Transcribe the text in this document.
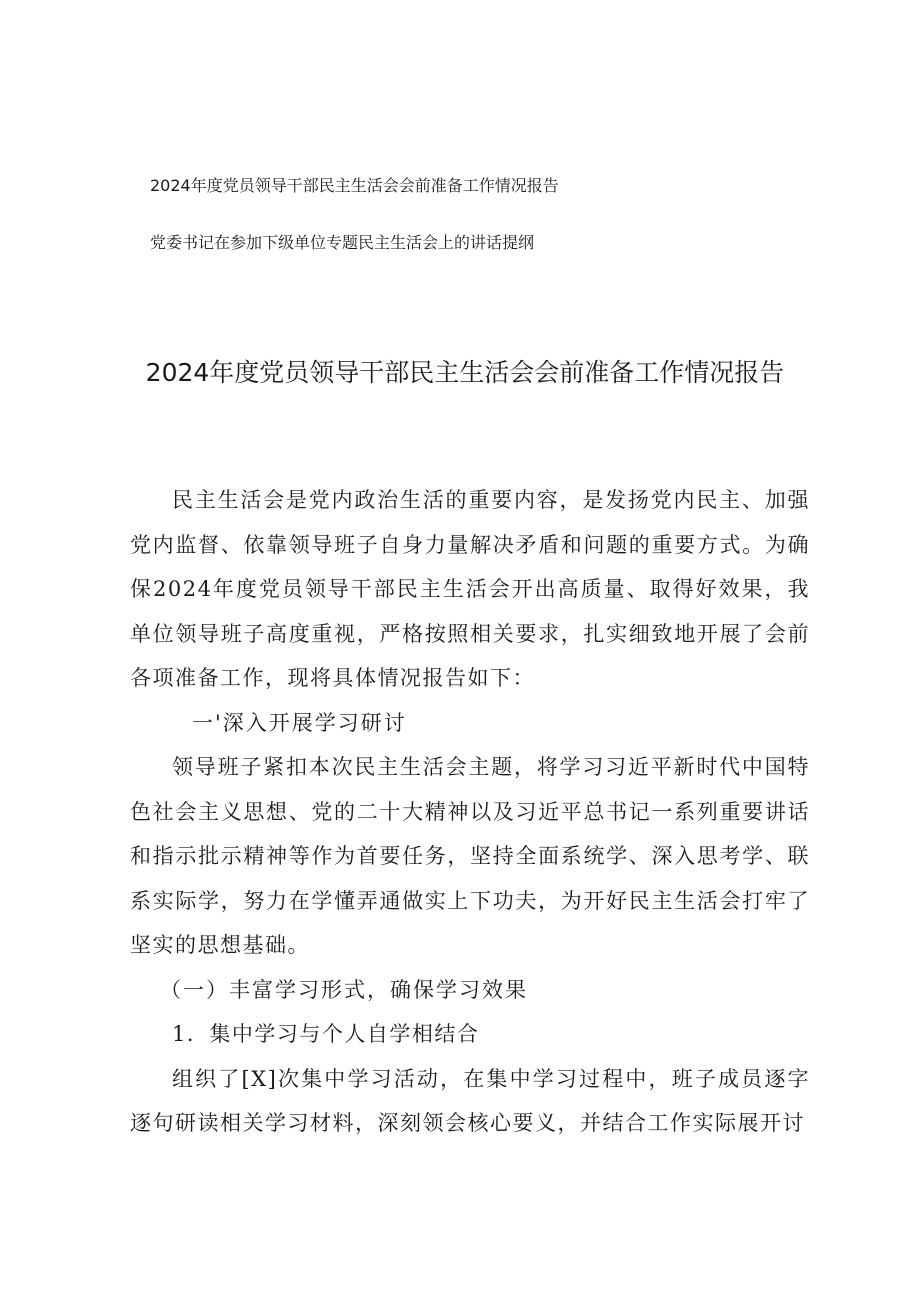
2024年度党员领导干部民主生活会会前准备工作情况报告
党委书记在参加下级单位专题民主生活会上的讲话提纲
2024年度党员领导干部民主生活会会前准备工作情况报告

民主生活会是党内政治生活的重要内容，是发扬党内民主、加强党内监督、依靠领导班子自身力量解决矛盾和问题的重要方式。为确保2024年度党员领导干部民主生活会开出高质量、取得好效果，我单位领导班子高度重视，严格按照相关要求，扎实细致地开展了会前各项准备工作，现将具体情况报告如下：

一'深入开展学习研讨

领导班子紧扣本次民主生活会主题，将学习习近平新时代中国特色社会主义思想、党的二十大精神以及习近平总书记一系列重要讲话和指示批示精神等作为首要任务，坚持全面系统学、深入思考学、联系实际学，努力在学懂弄通做实上下功夫，为开好民主生活会打牢了坚实的思想基础。

（一）丰富学习形式，确保学习效果

1．集中学习与个人自学相结合

组织了[X]次集中学习活动，在集中学习过程中，班子成员逐字逐句研读相关学习材料，深刻领会核心要义，并结合工作实际展开讨
